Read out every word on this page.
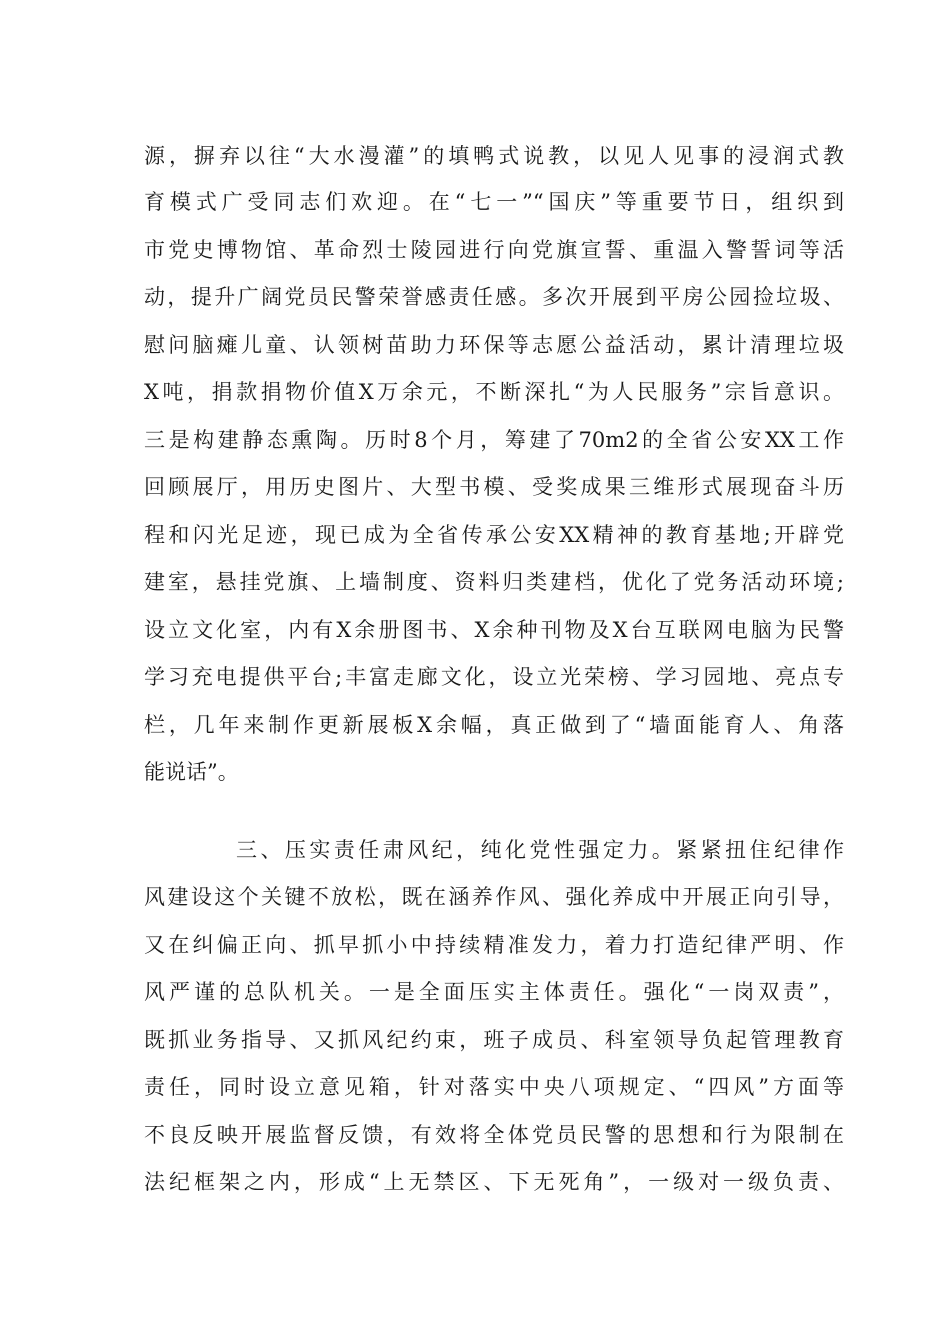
源，摒弃以往“大水漫灌”的填鸭式说教，以见人见事的浸润式教
育模式广受同志们欢迎。在“七一”“国庆”等重要节日，组织到
市党史博物馆、革命烈士陵园进行向党旗宣誓、重温入警誓词等活
动，提升广阔党员民警荣誉感责任感。多次开展到平房公园捡垃圾、
慰问脑瘫儿童、认领树苗助力环保等志愿公益活动，累计清理垃圾
X吨，捐款捐物价值X万余元，不断深扎“为人民服务”宗旨意识。
三是构建静态熏陶。历时8个月，筹建了70m2的全省公安XX工作
回顾展厅，用历史图片、大型书模、受奖成果三维形式展现奋斗历
程和闪光足迹，现已成为全省传承公安XX精神的教育基地;开辟党
建室，悬挂党旗、上墙制度、资料归类建档，优化了党务活动环境;
设立文化室，内有X余册图书、X余种刊物及X台互联网电脑为民警
学习充电提供平台;丰富走廊文化，设立光荣榜、学习园地、亮点专
栏，几年来制作更新展板X余幅，真正做到了“墙面能育人、角落
能说话”。
三、压实责任肃风纪，纯化党性强定力。紧紧扭住纪律作
风建设这个关键不放松，既在涵养作风、强化养成中开展正向引导，
又在纠偏正向、抓早抓小中持续精准发力，着力打造纪律严明、作
风严谨的总队机关。一是全面压实主体责任。强化“一岗双责”，
既抓业务指导、又抓风纪约束，班子成员、科室领导负起管理教育
责任，同时设立意见箱，针对落实中央八项规定、“四风”方面等
不良反映开展监督反馈，有效将全体党员民警的思想和行为限制在
法纪框架之内，形成“上无禁区、下无死角”，一级对一级负责、
